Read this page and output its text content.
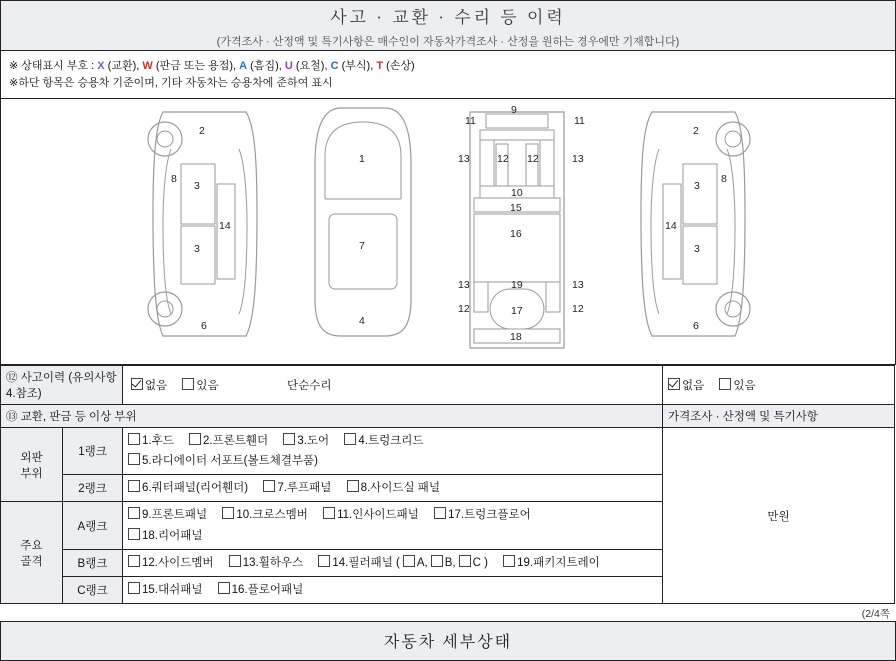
사고 · 교환 · 수리 등 이력
(가격조사 · 산정액 및 특기사항은 매수인이 자동차가격조사 · 산정을 원하는 경우에만 기재합니다)
※ 상태표시 부호 : X (교환), W (판금 또는 용접), A (흠집), U (요철), C (부식), T (손상)
※하단 항목은 승용차 기준이며, 기타 자동차는 승용차에 준하여 표시
2
8
3
3
14
6
1
7
4
11
9
11
13	12 12	13
10
15
16
13	19	13
12	17	12
18
2
3
8
3
14
6
⑫ 사고이력 (유의사항 4.참조)		없음 있음 단순수리	없음 있음
⑬ 교환, 판금 등 이상 부위			가격조사 · 산정액 및 특기사항
외판
부위	1랭크	1.후드 2.프론트휀더 3.도어 4.트렁크리드
5.라디에이터 서포트(볼트체결부품)	만원
	2랭크	6.쿼터패널(리어휀더) 7.루프패널 8.사이드실 패널	
주요
골격	A랭크	9.프론트패널 10.크로스멤버 11.인사이드패널 17.트렁크플로어
18.리어패널	
	B랭크	12.사이드멤버 13.휠하우스 14.필러패널 ( A, B, C ) 19.패키지트레이	
	C랭크	15.대쉬패널 16.플로어패널	
(2/4쪽
자동차 세부상태
